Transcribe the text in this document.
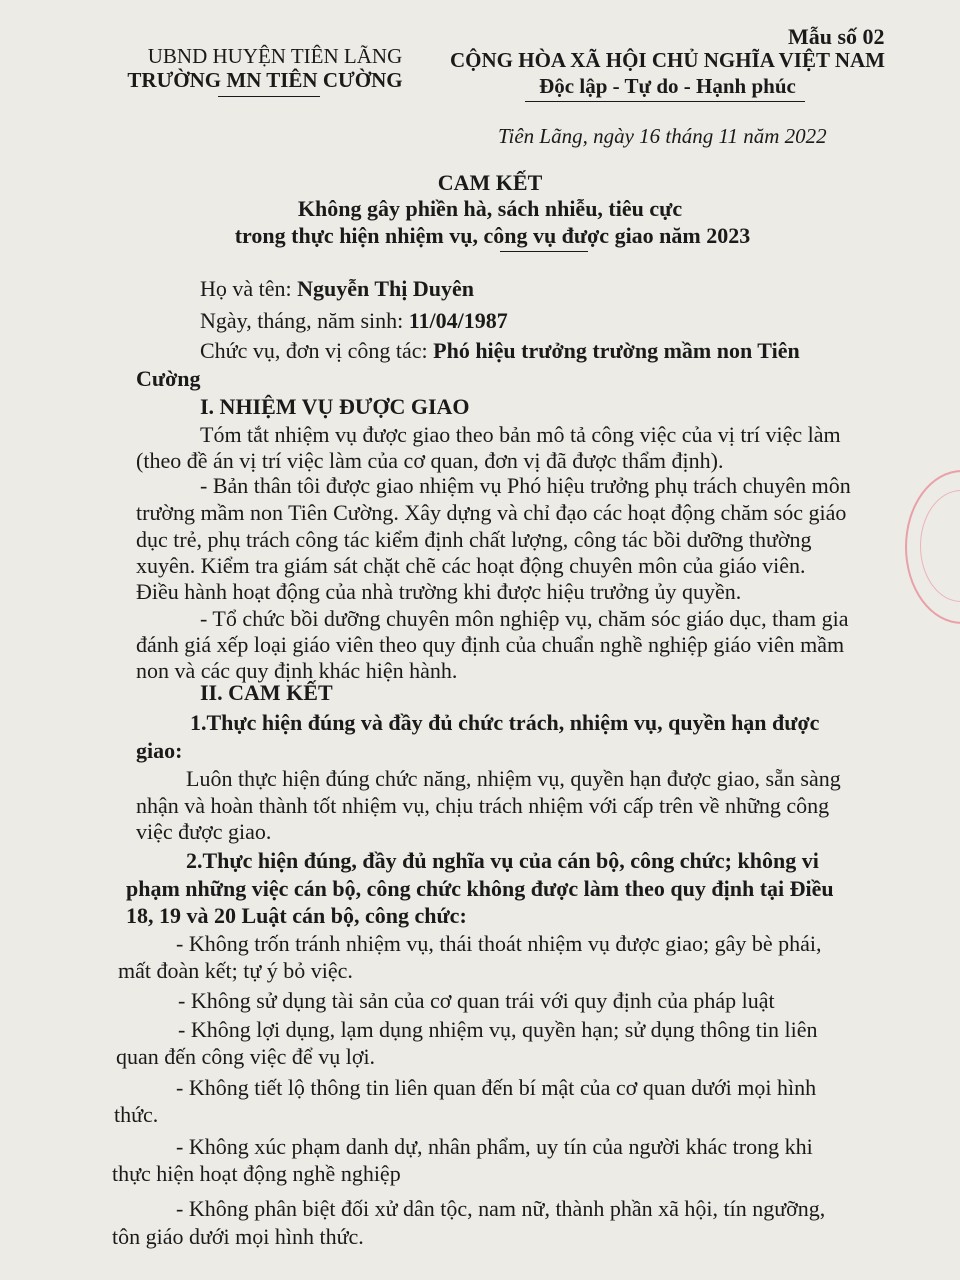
Mẫu số 02
UBND HUYỆN TIÊN LÃNG
TRƯỜNG MN TIÊN CƯỜNG
CỘNG HÒA XÃ HỘI CHỦ NGHĨA VIỆT NAM
Độc lập - Tự do - Hạnh phúc
Tiên Lãng, ngày 16 tháng 11 năm 2022
CAM KẾT
Không gây phiền hà, sách nhiễu, tiêu cực
trong thực hiện nhiệm vụ, công vụ được giao năm 2023
Họ và tên: Nguyễn Thị Duyên
Ngày, tháng, năm sinh: 11/04/1987
Chức vụ, đơn vị công tác: Phó hiệu trưởng trường mầm non Tiên
Cường
I. NHIỆM VỤ ĐƯỢC GIAO
Tóm tắt nhiệm vụ được giao theo bản mô tả công việc của vị trí việc làm
(theo đề án vị trí việc làm của cơ quan, đơn vị đã được thẩm định).
- Bản thân tôi được giao nhiệm vụ Phó hiệu trưởng phụ trách chuyên môn
trường mầm non Tiên Cường. Xây dựng và chỉ đạo các hoạt động chăm sóc giáo
dục trẻ, phụ trách công tác kiểm định chất lượng, công tác bồi dưỡng thường
xuyên. Kiểm tra giám sát chặt chẽ các hoạt động chuyên môn của giáo viên.
Điều hành hoạt động của nhà trường khi được hiệu trưởng ủy quyền.
- Tổ chức bồi dưỡng chuyên môn nghiệp vụ, chăm sóc giáo dục, tham gia
đánh giá xếp loại giáo viên theo quy định của chuẩn nghề nghiệp giáo viên mầm
non và các quy định khác hiện hành.
II. CAM KẾT
1.Thực hiện đúng và đầy đủ chức trách, nhiệm vụ, quyền hạn được
giao:
Luôn thực hiện đúng chức năng, nhiệm vụ, quyền hạn được giao, sẵn sàng
nhận và hoàn thành tốt nhiệm vụ, chịu trách nhiệm với cấp trên về những công
việc được giao.
2.Thực hiện đúng, đầy đủ nghĩa vụ của cán bộ, công chức; không vi
phạm những việc cán bộ, công chức không được làm theo quy định tại Điều
18, 19 và 20 Luật cán bộ, công chức:
- Không trốn tránh nhiệm vụ, thái thoát nhiệm vụ được giao; gây bè phái,
mất đoàn kết; tự ý bỏ việc.
- Không sử dụng tài sản của cơ quan trái với quy định của pháp luật
- Không lợi dụng, lạm dụng nhiệm vụ, quyền hạn; sử dụng thông tin liên
quan đến công việc để vụ lợi.
- Không tiết lộ thông tin liên quan đến bí mật của cơ quan dưới mọi hình
thức.
- Không xúc phạm danh dự, nhân phẩm, uy tín của người khác trong khi
thực hiện hoạt động nghề nghiệp
- Không phân biệt đối xử dân tộc, nam nữ, thành phần xã hội, tín ngưỡng,
tôn giáo dưới mọi hình thức.
